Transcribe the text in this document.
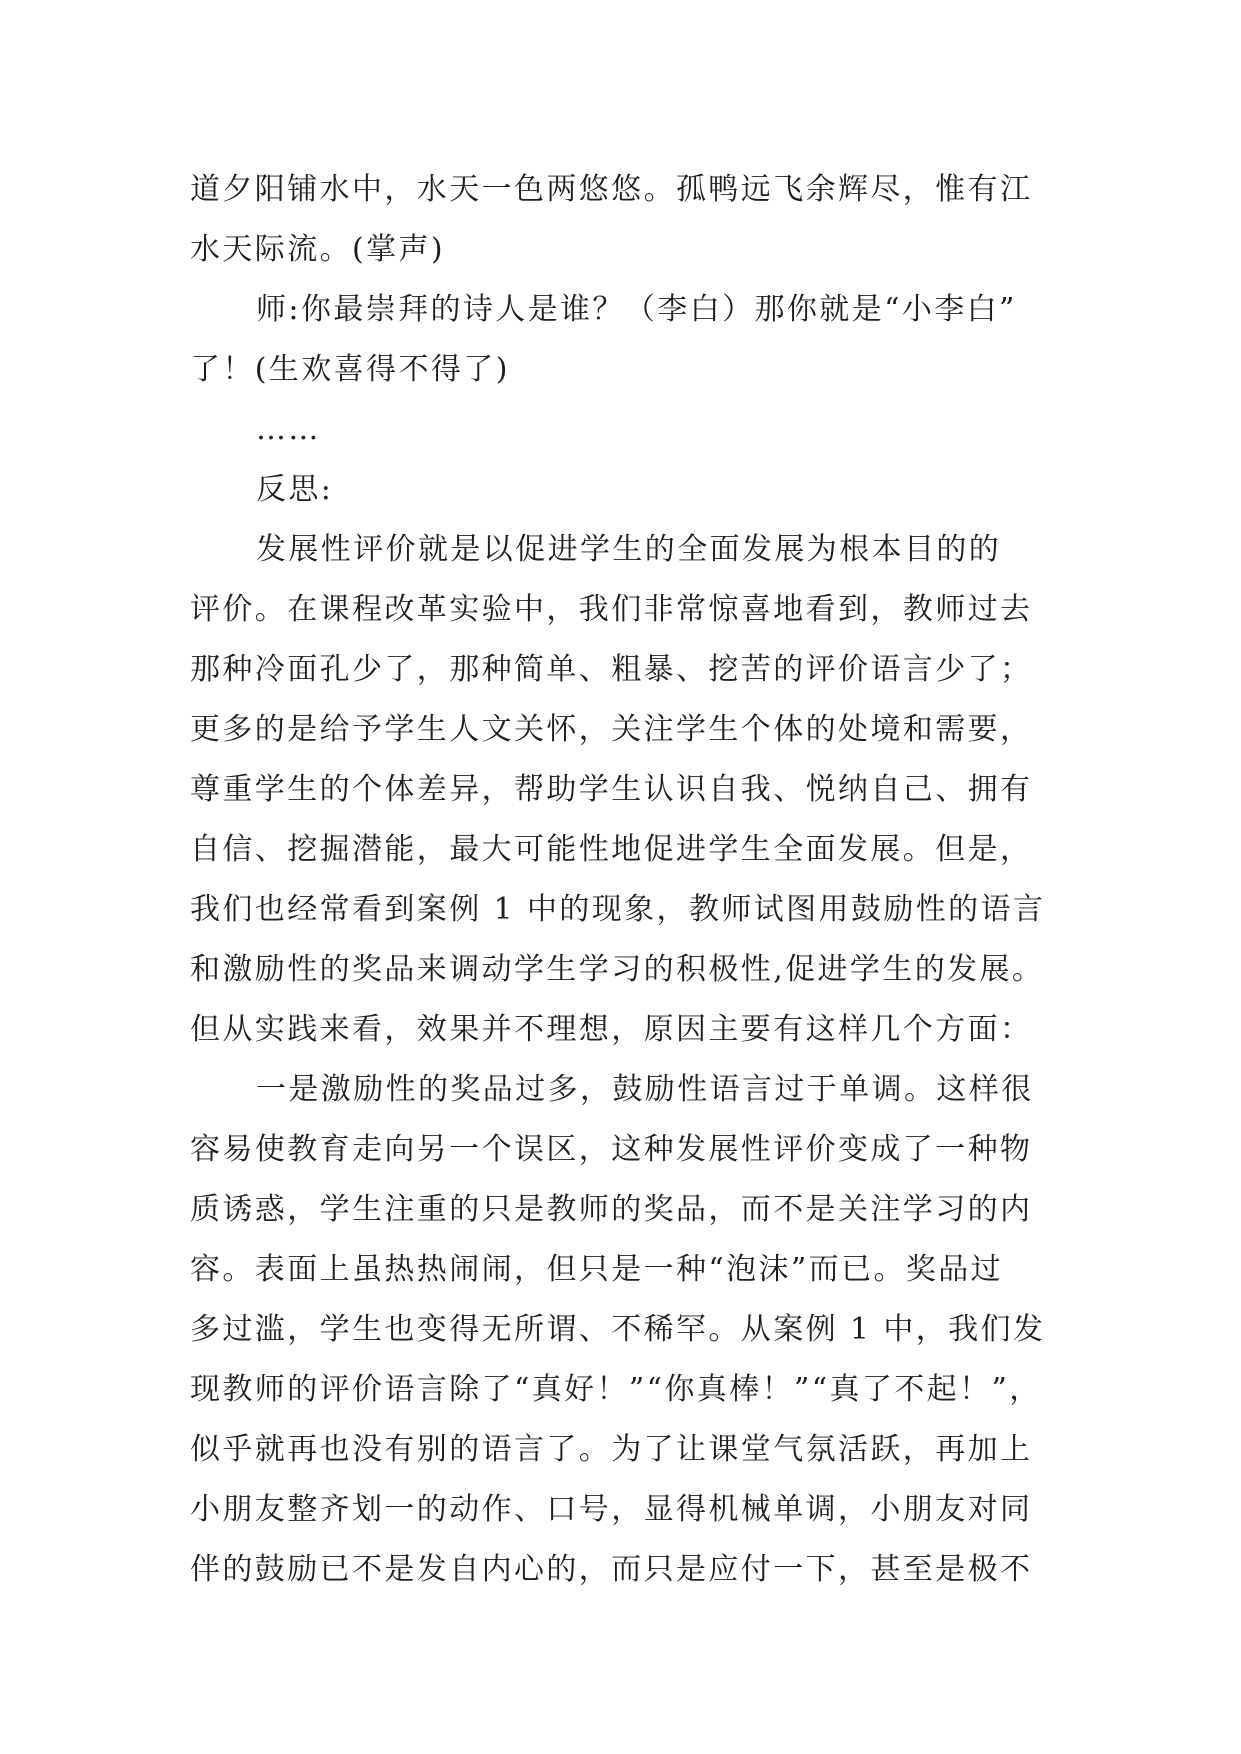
道夕阳铺水中，水天一色两悠悠。孤鸭远飞余辉尽，惟有江
水天际流。(掌声)
师:你最崇拜的诗人是谁？（李白）那你就是“小李白”
了！(生欢喜得不得了)
……
反思:
发展性评价就是以促进学生的全面发展为根本目的的
评价。在课程改革实验中，我们非常惊喜地看到，教师过去
那种冷面孔少了，那种简单、粗暴、挖苦的评价语言少了；
更多的是给予学生人文关怀，关注学生个体的处境和需要，
尊重学生的个体差异，帮助学生认识自我、悦纳自己、拥有
自信、挖掘潜能，最大可能性地促进学生全面发展。但是，
我们也经常看到案例 1 中的现象，教师试图用鼓励性的语言
和激励性的奖品来调动学生学习的积极性,促进学生的发展。
但从实践来看，效果并不理想，原因主要有这样几个方面：
一是激励性的奖品过多，鼓励性语言过于单调。这样很
容易使教育走向另一个误区，这种发展性评价变成了一种物
质诱惑，学生注重的只是教师的奖品，而不是关注学习的内
容。表面上虽热热闹闹，但只是一种“泡沫”而已。奖品过
多过滥，学生也变得无所谓、不稀罕。从案例 1 中，我们发
现教师的评价语言除了“真好！”“你真棒！”“真了不起！”，
似乎就再也没有别的语言了。为了让课堂气氛活跃，再加上
小朋友整齐划一的动作、口号，显得机械单调，小朋友对同
伴的鼓励已不是发自内心的，而只是应付一下，甚至是极不
